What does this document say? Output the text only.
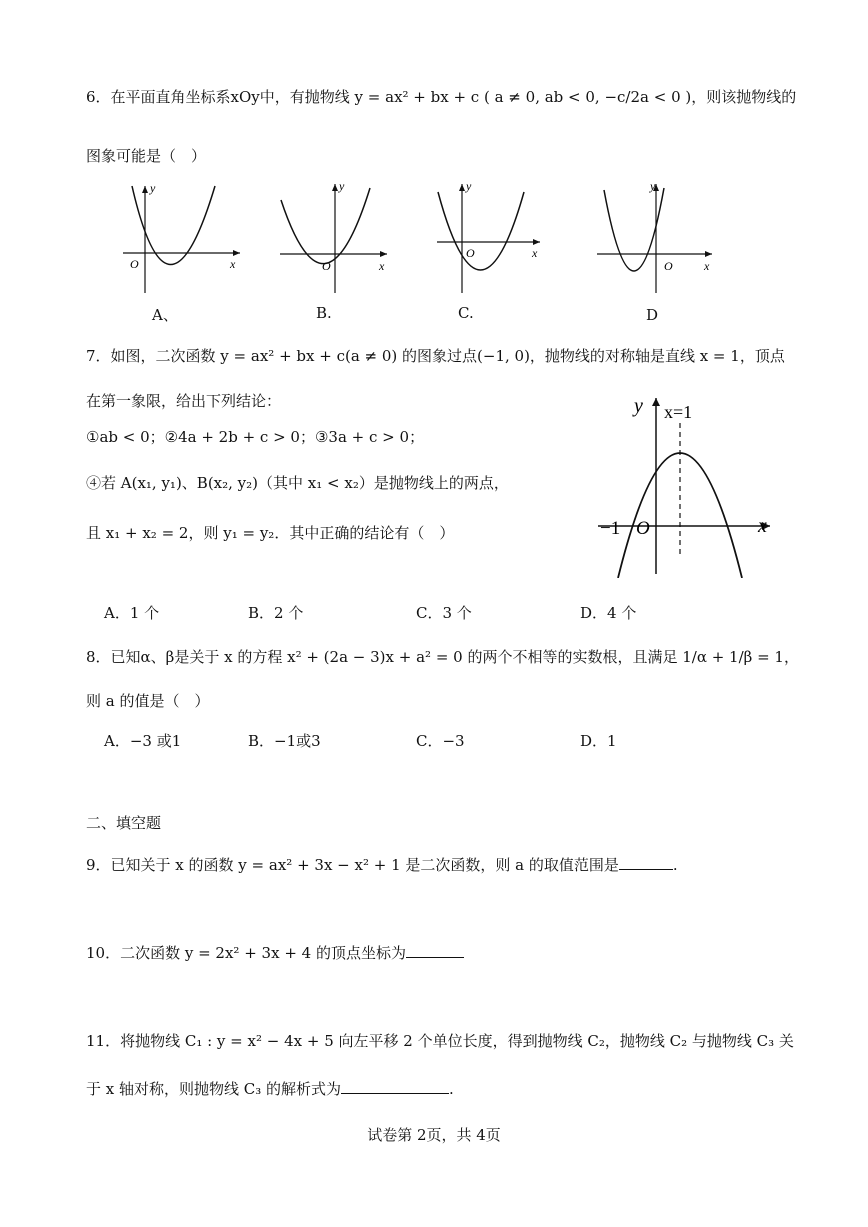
6．在平面直角坐标系xOy中，有抛物线 y = ax² + bx + c ( a ≠ 0, ab < 0, −c/2a < 0 )，则该抛物线的
图象可能是（　）
y
x
O
A、
y
x
O
B.
y
x
O
C.
y
x
O
D
7．如图，二次函数 y = ax² + bx + c(a ≠ 0) 的图象过点(−1, 0)，抛物线的对称轴是直线 x = 1，顶点
在第一象限，给出下列结论：
①ab < 0；②4a + 2b + c > 0；③3a + c > 0；
④若 A(x₁, y₁)、B(x₂, y₂)（其中 x₁ < x₂）是抛物线上的两点，
且 x₁ + x₂ = 2，则 y₁ = y₂．其中正确的结论有（　）
y x=1
x
−1 O
A．1 个	B．2 个	C．3 个	D．4 个
8．已知α、β是关于 x 的方程 x² + (2a − 3)x + a² = 0 的两个不相等的实数根，且满足 1/α + 1/β = 1，
则 a 的值是（　）
A．−3 或1	B．−1或3	C．−3	D．1
二、填空题
9．已知关于 x 的函数 y = ax² + 3x − x² + 1 是二次函数，则 a 的取值范围是	.
10．二次函数 y = 2x² + 3x + 4 的顶点坐标为
11．将抛物线 C₁ : y = x² − 4x + 5 向左平移 2 个单位长度，得到抛物线 C₂，抛物线 C₂ 与抛物线 C₃ 关
于 x 轴对称，则抛物线 C₃ 的解析式为	.
试卷第 2页，共 4页
